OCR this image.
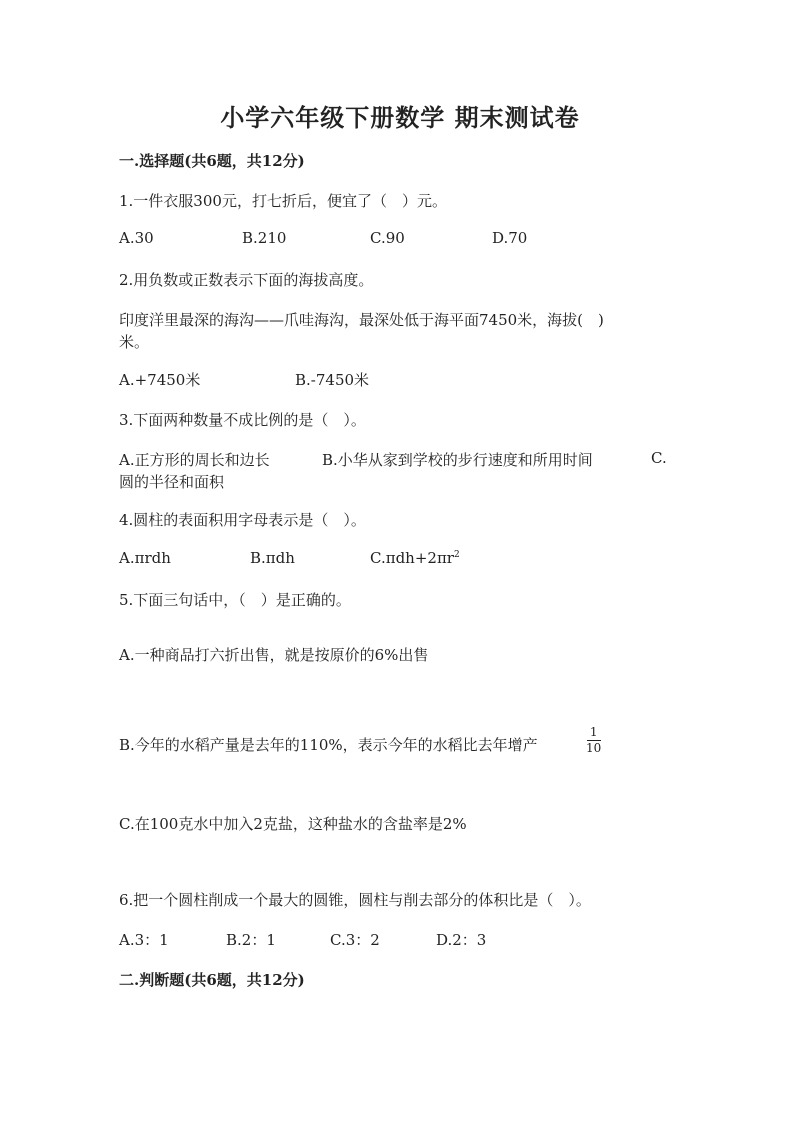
小学六年级下册数学 期末测试卷
一.选择题(共6题，共12分)
1.一件衣服300元，打七折后，便宜了（　）元。
A.30	B.210	C.90	D.70
2.用负数或正数表示下面的海拔高度。
印度洋里最深的海沟——爪哇海沟，最深处低于海平面7450米，海拔(　)
米。
A.+7450米	B.-7450米
3.下面两种数量不成比例的是（　）。
A.正方形的周长和边长	B.小华从家到学校的步行速度和所用时间	C.
圆的半径和面积
4.圆柱的表面积用字母表示是（　）。
A.πrdh	B.πdh	$C.\pi dh+2\pi r^2$
5.下面三句话中，（　）是正确的。
A.一种商品打六折出售，就是按原价的6%出售
B.今年的水稻产量是去年的110%，表示今年的水稻比去年增产
1
10
C.在100克水中加入2克盐，这种盐水的含盐率是2%
6.把一个圆柱削成一个最大的圆锥，圆柱与削去部分的体积比是（　）。
A.3：1	B.2：1	C.3：2	D.2：3
二.判断题(共6题，共12分)
